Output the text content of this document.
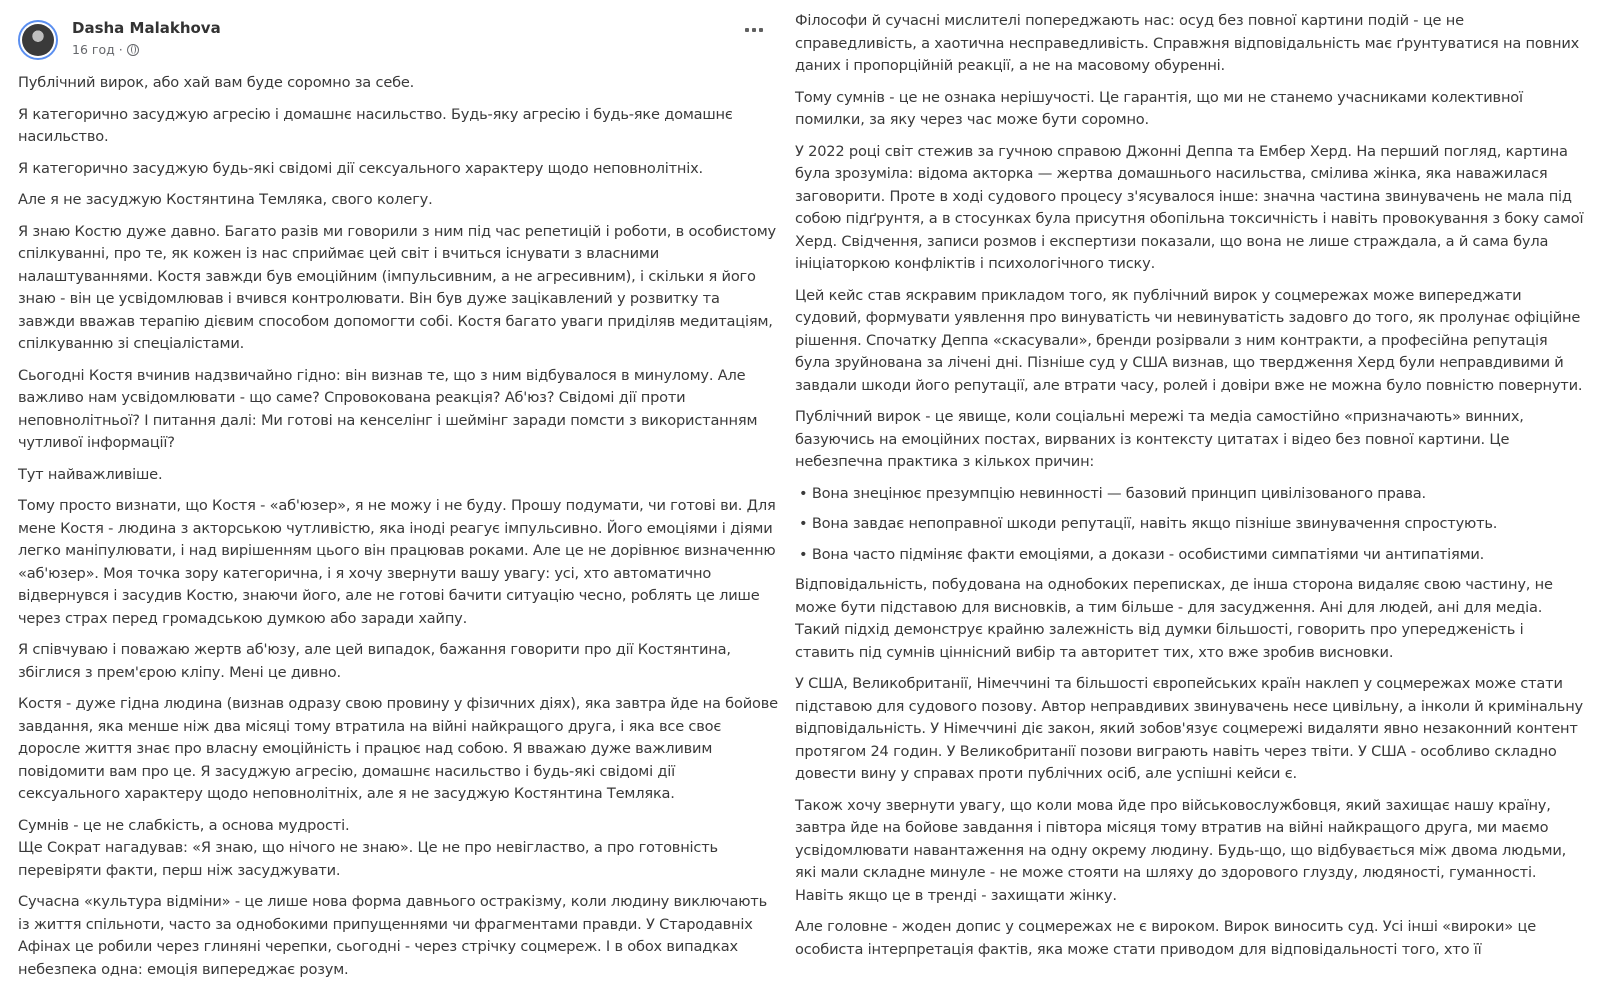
Dasha Malakhova
16 год ·

Публічний вирок, або хай вам буде соромно за себе.

Я категорично засуджую агресію і домашнє насильство. Будь-яку агресію і будь-яке домашнє насильство.

Я категорично засуджую будь-які свідомі дії сексуального характеру щодо неповнолітніх.

Але я не засуджую Костянтина Темляка, свого колегу.

Я знаю Костю дуже давно. Багато разів ми говорили з ним під час репетицій і роботи, в особистому спілкуванні, про те, як кожен із нас сприймає цей світ і вчиться існувати з власними налаштуваннями. Костя завжди був емоційним (імпульсивним, а не агресивним), і скільки я його знаю - він це усвідомлював і вчився контролювати. Він був дуже зацікавлений у розвитку та завжди вважав терапію дієвим способом допомогти собі. Костя багато уваги приділяв медитаціям, спілкуванню зі спеціалістами.

Сьогодні Костя вчинив надзвичайно гідно: він визнав те, що з ним відбувалося в минулому. Але важливо нам усвідомлювати - що саме? Спровокована реакція? Аб'юз? Свідомі дії проти неповнолітньої? І питання далі: Ми готові на кенселінг і шеймінг заради помсти з використанням чутливої інформації?

Тут найважливіше.

Тому просто визнати, що Костя - «аб'юзер», я не можу і не буду. Прошу подумати, чи готові ви. Для мене Костя - людина з акторською чутливістю, яка іноді реагує імпульсивно. Його емоціями і діями легко маніпулювати, і над вирішенням цього він працював роками. Але це не дорівнює визначенню «аб'юзер». Моя точка зору категорична, і я хочу звернути вашу увагу: усі, хто автоматично відвернувся і засудив Костю, знаючи його, але не готові бачити ситуацію чесно, роблять це лише через страх перед громадською думкою або заради хайпу.

Я співчуваю і поважаю жертв аб'юзу, але цей випадок, бажання говорити про дії Костянтина, збіглися з прем'єрою кліпу. Мені це дивно.

Костя - дуже гідна людина (визнав одразу свою провину у фізичних діях), яка завтра йде на бойове завдання, яка менше ніж два місяці тому втратила на війні найкращого друга, і яка все своє доросле життя знає про власну емоційність і працює над собою. Я вважаю дуже важливим повідомити вам про це. Я засуджую агресію, домашнє насильство і будь-які свідомі дії сексуального характеру щодо неповнолітніх, але я не засуджую Костянтина Темляка.

Сумнів - це не слабкість, а основа мудрості.
Ще Сократ нагадував: «Я знаю, що нічого не знаю». Це не про невігластво, а про готовність перевіряти факти, перш ніж засуджувати.

Сучасна «культура відміни» - це лише нова форма давнього остракізму, коли людину виключають із життя спільноти, часто за однобокими припущеннями чи фрагментами правди. У Стародавніх Афінах це робили через глиняні черепки, сьогодні - через стрічку соцмереж. І в обох випадках небезпека одна: емоція випереджає розум.

Філософи й сучасні мислителі попереджають нас: осуд без повної картини подій - це не справедливість, а хаотична несправедливість. Справжня відповідальність має ґрунтуватися на повних даних і пропорційній реакції, а не на масовому обуренні.

Тому сумнів - це не ознака нерішучості. Це гарантія, що ми не станемо учасниками колективної помилки, за яку через час може бути соромно.

У 2022 році світ стежив за гучною справою Джонні Деппа та Ембер Херд. На перший погляд, картина була зрозуміла: відома акторка — жертва домашнього насильства, смілива жінка, яка наважилася заговорити. Проте в ході судового процесу з'ясувалося інше: значна частина звинувачень не мала під собою підґрунтя, а в стосунках була присутня обопільна токсичність і навіть провокування з боку самої Херд. Свідчення, записи розмов і експертизи показали, що вона не лише страждала, а й сама була ініціаторкою конфліктів і психологічного тиску.

Цей кейс став яскравим прикладом того, як публічний вирок у соцмережах може випереджати судовий, формувати уявлення про винуватість чи невинуватість задовго до того, як пролунає офіційне рішення. Спочатку Деппа «скасували», бренди розірвали з ним контракти, а професійна репутація була зруйнована за лічені дні. Пізніше суд у США визнав, що твердження Херд були неправдивими й завдали шкоди його репутації, але втрати часу, ролей і довіри вже не можна було повністю повернути.

Публічний вирок - це явище, коли соціальні мережі та медіа самостійно «призначають» винних, базуючись на емоційних постах, вирваних із контексту цитатах і відео без повної картини. Це небезпечна практика з кількох причин:

• Вона знецінює презумпцію невинності — базовий принцип цивілізованого права.
• Вона завдає непоправної шкоди репутації, навіть якщо пізніше звинувачення спростують.
• Вона часто підміняє факти емоціями, а докази - особистими симпатіями чи антипатіями.

Відповідальність, побудована на однобоких переписках, де інша сторона видаляє свою частину, не може бути підставою для висновків, а тим більше - для засудження. Ані для людей, ані для медіа. Такий підхід демонструє крайню залежність від думки більшості, говорить про упередженість і ставить під сумнів ціннісний вибір та авторитет тих, хто вже зробив висновки.

У США, Великобританії, Німеччині та більшості європейських країн наклеп у соцмережах може стати підставою для судового позову. Автор неправдивих звинувачень несе цивільну, а інколи й кримінальну відповідальність. У Німеччині діє закон, який зобов'язує соцмережі видаляти явно незаконний контент протягом 24 годин. У Великобританії позови виграють навіть через твіти. У США - особливо складно довести вину у справах проти публічних осіб, але успішні кейси є.

Також хочу звернути увагу, що коли мова йде про військовослужбовця, який захищає нашу країну, завтра йде на бойове завдання і півтора місяця тому втратив на війні найкращого друга, ми маємо усвідомлювати навантаження на одну окрему людину. Будь-що, що відбувається між двома людьми, які мали складне минуле - не може стояти на шляху до здорового глузду, людяності, гуманності. Навіть якщо це в тренді - захищати жінку.

Але головне - жоден допис у соцмережах не є вироком. Вирок виносить суд. Усі інші «вироки» це особиста інтерпретація фактів, яка може стати приводом для відповідальності того, хто її
